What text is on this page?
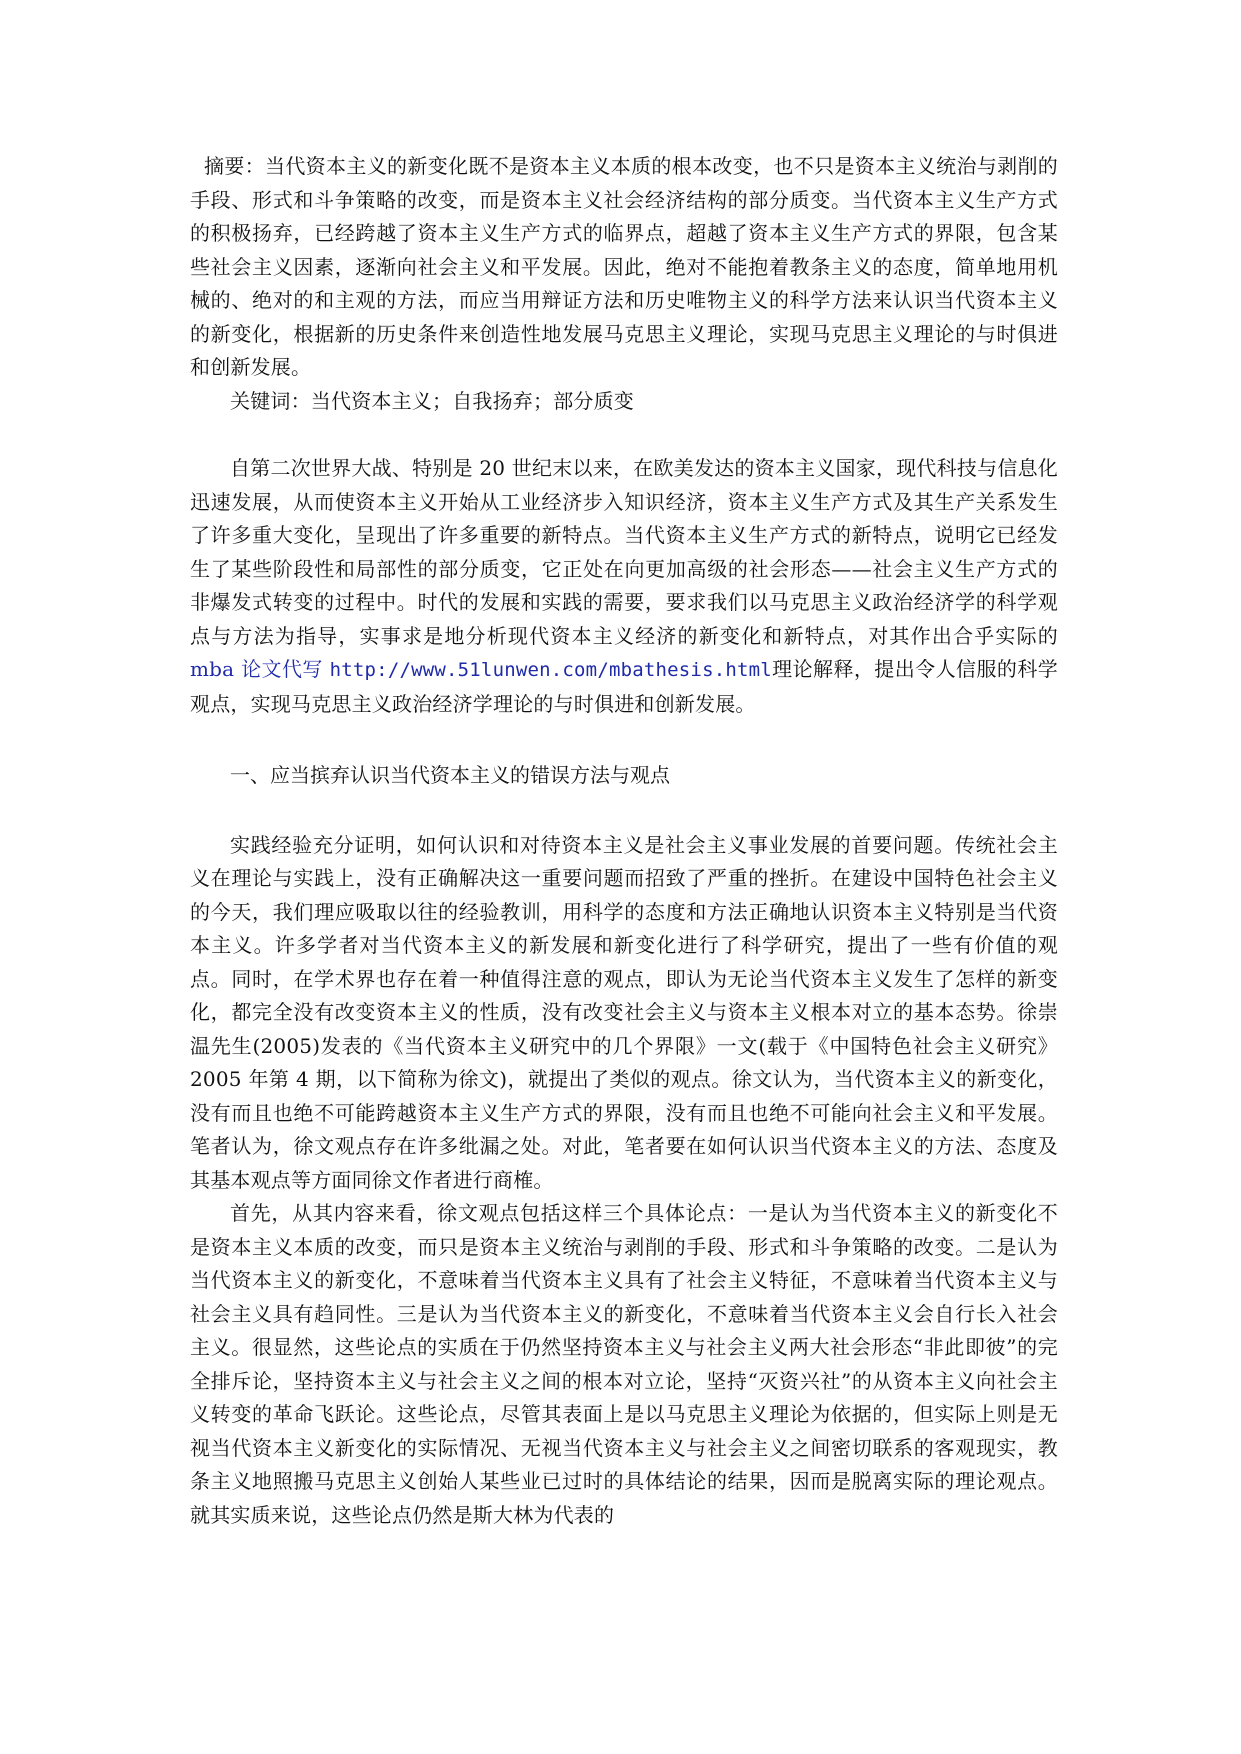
摘要：当代资本主义的新变化既不是资本主义本质的根本改变，也不只是资本主义统治与剥削的手段、形式和斗争策略的改变，而是资本主义社会经济结构的部分质变。当代资本主义生产方式的积极扬弃，已经跨越了资本主义生产方式的临界点，超越了资本主义生产方式的界限，包含某些社会主义因素，逐渐向社会主义和平发展。因此，绝对不能抱着教条主义的态度，简单地用机械的、绝对的和主观的方法，而应当用辩证方法和历史唯物主义的科学方法来认识当代资本主义的新变化，根据新的历史条件来创造性地发展马克思主义理论，实现马克思主义理论的与时俱进和创新发展。

关键词：当代资本主义；自我扬弃；部分质变

自第二次世界大战、特别是 20 世纪末以来，在欧美发达的资本主义国家，现代科技与信息化迅速发展，从而使资本主义开始从工业经济步入知识经济，资本主义生产方式及其生产关系发生了许多重大变化，呈现出了许多重要的新特点。当代资本主义生产方式的新特点，说明它已经发生了某些阶段性和局部性的部分质变，它正处在向更加高级的社会形态——社会主义生产方式的非爆发式转变的过程中。时代的发展和实践的需要，要求我们以马克思主义政治经济学的科学观点与方法为指导，实事求是地分析现代资本主义经济的新变化和新特点，对其作出合乎实际的mba 论文代写 http://www.51lunwen.com/mbathesis.html理论解释，提出令人信服的科学观点，实现马克思主义政治经济学理论的与时俱进和创新发展。

一、应当摈弃认识当代资本主义的错误方法与观点

实践经验充分证明，如何认识和对待资本主义是社会主义事业发展的首要问题。传统社会主义在理论与实践上，没有正确解决这一重要问题而招致了严重的挫折。在建设中国特色社会主义的今天，我们理应吸取以往的经验教训，用科学的态度和方法正确地认识资本主义特别是当代资本主义。许多学者对当代资本主义的新发展和新变化进行了科学研究，提出了一些有价值的观点。同时，在学术界也存在着一种值得注意的观点，即认为无论当代资本主义发生了怎样的新变化，都完全没有改变资本主义的性质，没有改变社会主义与资本主义根本对立的基本态势。徐崇温先生(2005)发表的《当代资本主义研究中的几个界限》一文(载于《中国特色社会主义研究》2005 年第 4 期，以下简称为徐文)，就提出了类似的观点。徐文认为，当代资本主义的新变化，没有而且也绝不可能跨越资本主义生产方式的界限，没有而且也绝不可能向社会主义和平发展。笔者认为，徐文观点存在许多纰漏之处。对此，笔者要在如何认识当代资本主义的方法、态度及其基本观点等方面同徐文作者进行商榷。

首先，从其内容来看，徐文观点包括这样三个具体论点：一是认为当代资本主义的新变化不是资本主义本质的改变，而只是资本主义统治与剥削的手段、形式和斗争策略的改变。二是认为当代资本主义的新变化，不意味着当代资本主义具有了社会主义特征，不意味着当代资本主义与社会主义具有趋同性。三是认为当代资本主义的新变化，不意味着当代资本主义会自行长入社会主义。很显然，这些论点的实质在于仍然坚持资本主义与社会主义两大社会形态“非此即彼”的完全排斥论，坚持资本主义与社会主义之间的根本对立论，坚持“灭资兴社”的从资本主义向社会主义转变的革命飞跃论。这些论点，尽管其表面上是以马克思主义理论为依据的，但实际上则是无视当代资本主义新变化的实际情况、无视当代资本主义与社会主义之间密切联系的客观现实，教条主义地照搬马克思主义创始人某些业已过时的具体结论的结果，因而是脱离实际的理论观点。就其实质来说，这些论点仍然是斯大林为代表的
